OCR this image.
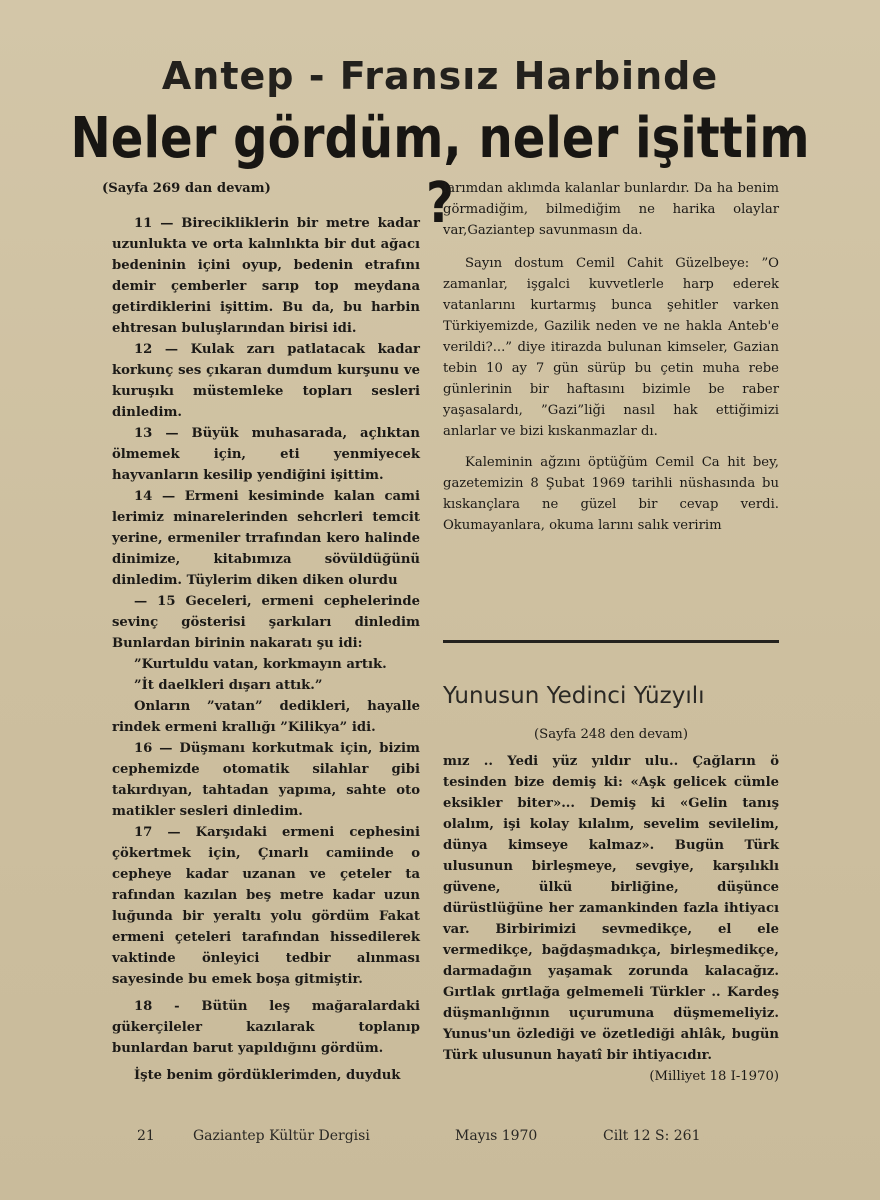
Antep - Fransız Harbinde
Neler gördüm, neler işittim ?

(Sayfa 269 dan devam)

11 — Birecikliklerin bir metre kadar uzunlukta ve orta kalınlıkta bir dut ağacı bedeninin içini oyup, bedenin etrafını demir çemberler sarıp top meydana getirdiklerini işittim. Bu da, bu harbin ehtresan buluşlarından birisi idi.

12 — Kulak zarı patlatacak kadar korkunç ses çıkaran dumdum kurşunu ve kuruşıkı müstemleke topları sesleri dinledim.

13 — Büyük muhasarada, açlıktan ölmemek için, eti yenmiyecek hayvanların kesilip yendiğini işittim.

14 — Ermeni kesiminde kalan cami lerimiz minarelerinden sehcrleri temcit yerine, ermeniler trrafından kero halinde dinimize, kitabımıza sövüldüğünü dinledim. Tüylerim diken diken olurdu

— 15 Geceleri, ermeni cephelerinde sevinç gösterisi şarkıları dinledim Bunlardan birinin nakaratı şu idi:

”Kurtuldu vatan, korkmayın artık.

”İt daelkleri dışarı attık.”

Onların ”vatan” dedikleri, hayalle rindek ermeni krallığı ”Kilikya” idi.

16 — Düşmanı korkutmak için, bizim cephemizde otomatik silahlar gibi takırdıyan, tahtadan yapıma, sahte oto matikler sesleri dinledim.

17 — Karşıdaki ermeni cephesini çökertmek için, Çınarlı camiinde o cepheye kadar uzanan ve çeteler ta rafından kazılan beş metre kadar uzun luğunda bir yeraltı yolu gördüm Fakat ermeni çeteleri tarafından hissedilerek vaktinde önleyici tedbir alınması sayesinde bu emek boşa gitmiştir.

18 - Bütün leş mağaralardaki gükerçileler kazılarak toplanıp bunlardan barut yapıldığını gördüm.

İşte benim gördüklerimden, duyduk

larımdan aklımda kalanlar bunlardır. Da ha benim görmadiğim, bilmediğim ne harika olaylar var,Gaziantep savunmasın da.

Sayın dostum Cemil Cahit Güzelbeye: ”O zamanlar, işgalci kuvvetlerle harp ederek vatanlarını kurtarmış bunca şehitler varken Türkiyemizde, Gazilik neden ve ne hakla Anteb'e verildi?...” diye itirazda bulunan kimseler, Gazian tebin 10 ay 7 gün sürüp bu çetin muha rebe günlerinin bir haftasını bizimle be raber yaşasalardı, ”Gazi”liği nasıl hak ettiğimizi anlarlar ve bizi kıskanmazlar dı.

Kaleminin ağzını öptüğüm Cemil Ca hit bey, gazetemizin 8 Şubat 1969 tarihli nüshasında bu kıskançlara ne güzel bir cevap verdi. Okumayanlara, okuma larını salık veririm

Yunusun Yedinci Yüzyılı

(Sayfa 248 den devam)

mız .. Yedi yüz yıldır ulu.. Çağların ö tesinden bize demiş ki: «Aşk gelicek cümle eksikler biter»... Demiş ki «Gelin tanış olalım, işi kolay kılalım, sevelim sevilelim, dünya kimseye kalmaz». Bugün Türk ulusunun birleşmeye, sevgiye, karşılıklı güvene, ülkü birliğine, düşünce dürüstlüğüne her zamankinden fazla ihtiyacı var. Birbirimizi sevmedikçe, el ele vermedikçe, bağdaşmadıkça, birleşmedikçe, darmadağın yaşamak zorunda kalacağız. Gırtlak gırtlağa gelmemeli Türkler .. Kardeş düşmanlığının uçurumuna düşmemeliyiz. Yunus'un özlediği ve özetlediği ahlâk, bugün Türk ulusunun hayatî bir ihtiyacıdır.

(Milliyet 18 I-1970)

21	Gaziantep Kültür Dergisi	Mayıs 1970	Cilt 12 S: 261
